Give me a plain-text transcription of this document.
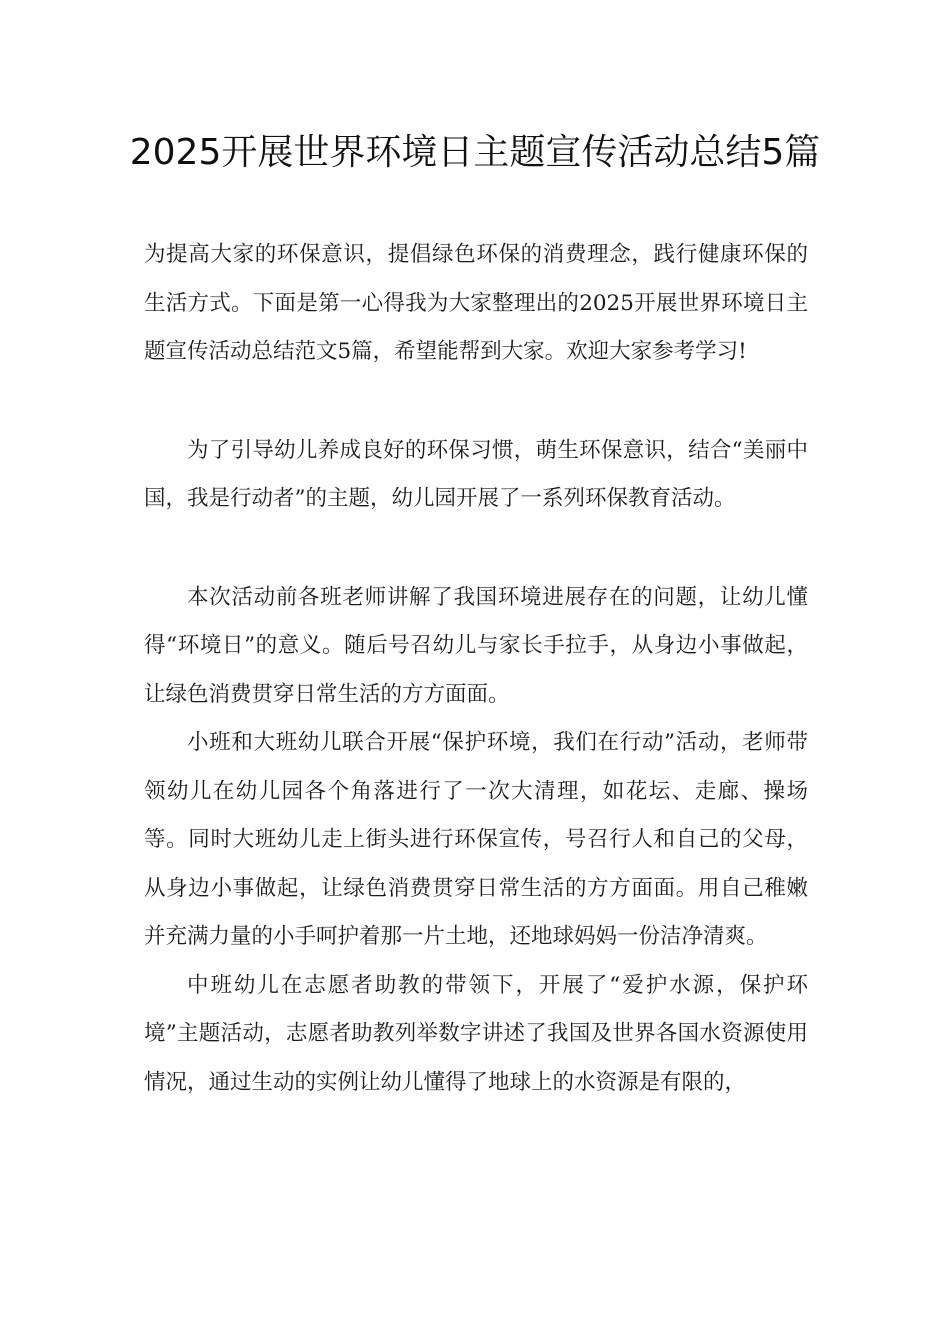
2025开展世界环境日主题宣传活动总结5篇

为提高大家的环保意识，提倡绿色环保的消费理念，践行健康环保的生活方式。下面是第一心得我为大家整理出的2025开展世界环境日主题宣传活动总结范文5篇，希望能帮到大家。欢迎大家参考学习!

为了引导幼儿养成良好的环保习惯，萌生环保意识，结合“美丽中国，我是行动者”的主题，幼儿园开展了一系列环保教育活动。

本次活动前各班老师讲解了我国环境进展存在的问题，让幼儿懂得“环境日”的意义。随后号召幼儿与家长手拉手，从身边小事做起，让绿色消费贯穿日常生活的方方面面。

小班和大班幼儿联合开展“保护环境，我们在行动”活动，老师带领幼儿在幼儿园各个角落进行了一次大清理，如花坛、走廊、操场等。同时大班幼儿走上街头进行环保宣传，号召行人和自己的父母，从身边小事做起，让绿色消费贯穿日常生活的方方面面。用自己稚嫩并充满力量的小手呵护着那一片土地，还地球妈妈一份洁净清爽。

中班幼儿在志愿者助教的带领下，开展了“爱护水源，保护环境”主题活动，志愿者助教列举数字讲述了我国及世界各国水资源使用情况，通过生动的实例让幼儿懂得了地球上的水资源是有限的，
